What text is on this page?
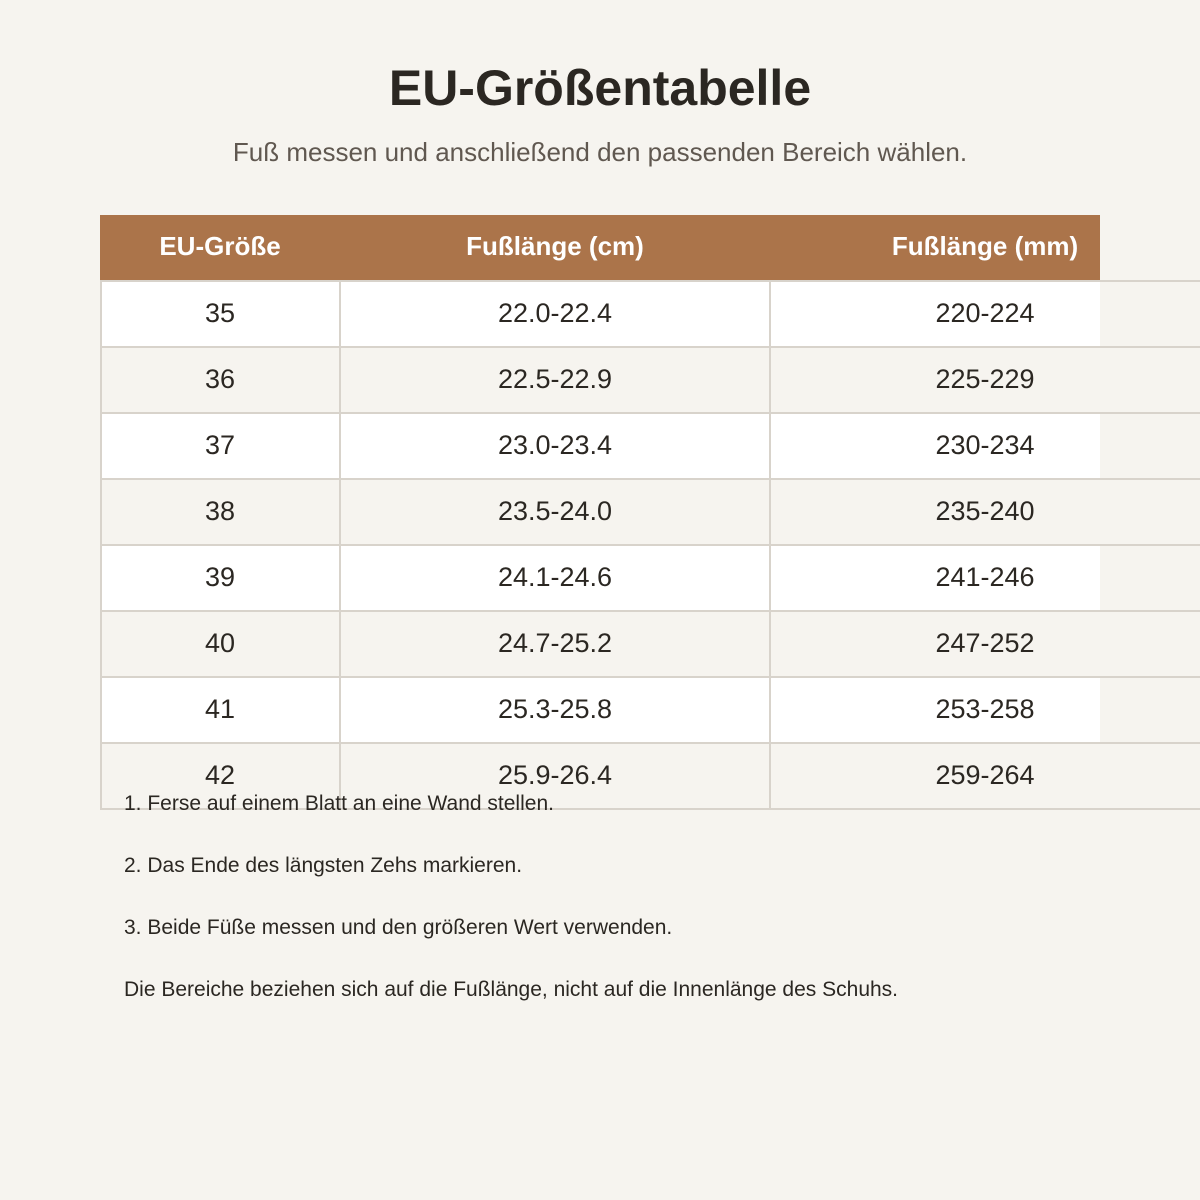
EU-Größentabelle

Fuß messen und anschließend den passenden Bereich wählen.

EU-Größe	Fußlänge (cm)	Fußlänge (mm)
35	22.0-22.4	220-224
36	22.5-22.9	225-229
37	23.0-23.4	230-234
38	23.5-24.0	235-240
39	24.1-24.6	241-246
40	24.7-25.2	247-252
41	25.3-25.8	253-258
42	25.9-26.4	259-264

1. Ferse auf einem Blatt an eine Wand stellen.

2. Das Ende des längsten Zehs markieren.

3. Beide Füße messen und den größeren Wert verwenden.

Die Bereiche beziehen sich auf die Fußlänge, nicht auf die Innenlänge des Schuhs.
